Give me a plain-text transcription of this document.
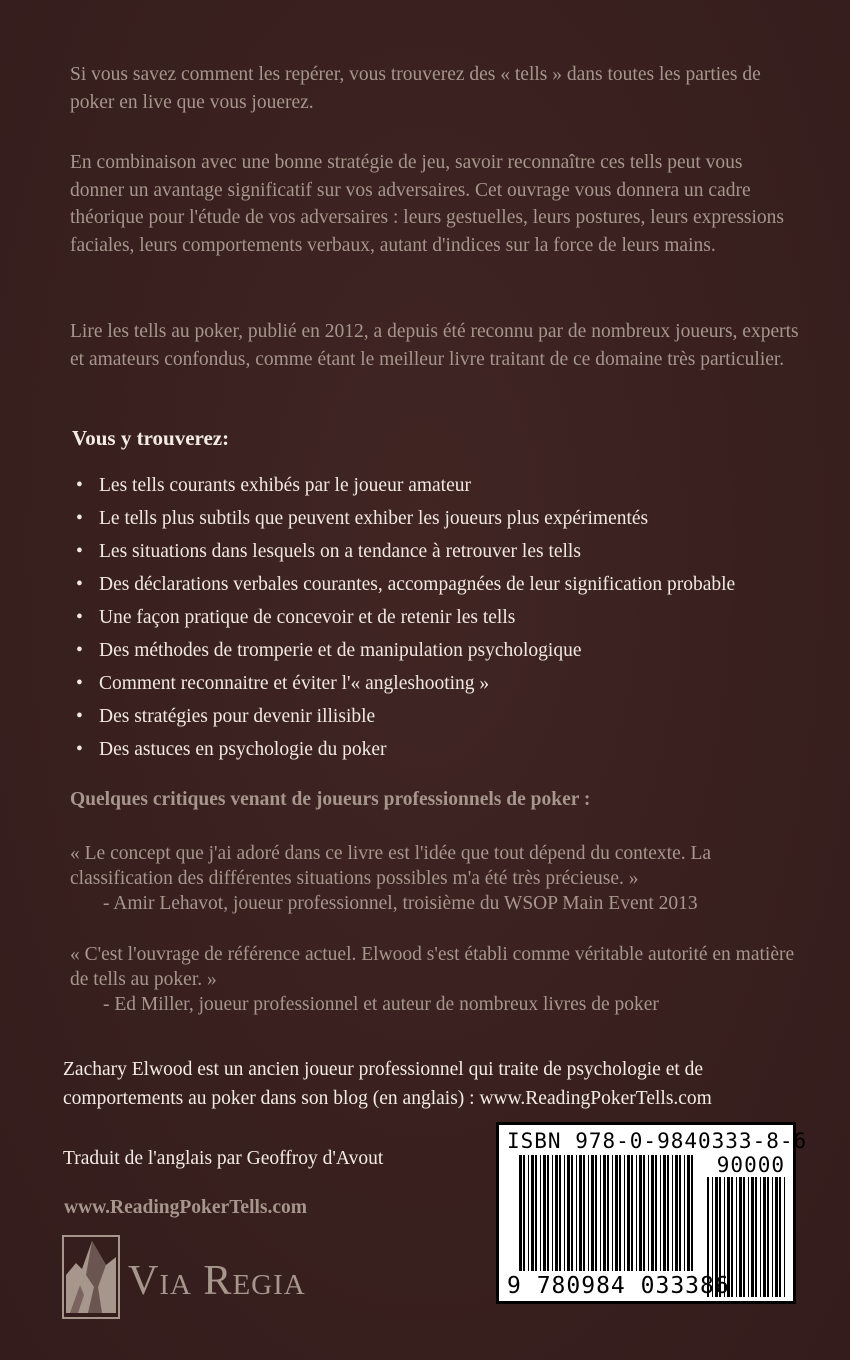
Si vous savez comment les repérer, vous trouverez des « tells » dans toutes les parties de poker en live que vous jouerez.

En combinaison avec une bonne stratégie de jeu, savoir reconnaître ces tells peut vous donner un avantage significatif sur vos adversaires. Cet ouvrage vous donnera un cadre théorique pour l'étude de vos adversaires : leurs gestuelles, leurs postures, leurs expressions faciales, leurs comportements verbaux, autant d'indices sur la force de leurs mains.

Lire les tells au poker, publié en 2012, a depuis été reconnu par de nombreux joueurs, experts et amateurs confondus, comme étant le meilleur livre traitant de ce domaine très particulier.

Vous y trouverez:
• Les tells courants exhibés par le joueur amateur
• Le tells plus subtils que peuvent exhiber les joueurs plus expérimentés
• Les situations dans lesquels on a tendance à retrouver les tells
• Des déclarations verbales courantes, accompagnées de leur signification probable
• Une façon pratique de concevoir et de retenir les tells
• Des méthodes de tromperie et de manipulation psychologique
• Comment reconnaitre et éviter l'« angleshooting »
• Des stratégies pour devenir illisible
• Des astuces en psychologie du poker
Quelques critiques venant de joueurs professionnels de poker :

« Le concept que j'ai adoré dans ce livre est l'idée que tout dépend du contexte. La classification des différentes situations possibles m'a été très précieuse. »
- Amir Lehavot, joueur professionnel, troisième du WSOP Main Event 2013

« C'est l'ouvrage de référence actuel. Elwood s'est établi comme véritable autorité en matière de tells au poker. »
- Ed Miller, joueur professionnel et auteur de nombreux livres de poker

Zachary Elwood est un ancien joueur professionnel qui traite de psychologie et de comportements au poker dans son blog (en anglais) : www.ReadingPokerTells.com

Traduit de l'anglais par Geoffroy d'Avout

www.ReadingPokerTells.com

Via Regia

ISBN 978-0-9840333-8-6

90000

9 780984 033386
